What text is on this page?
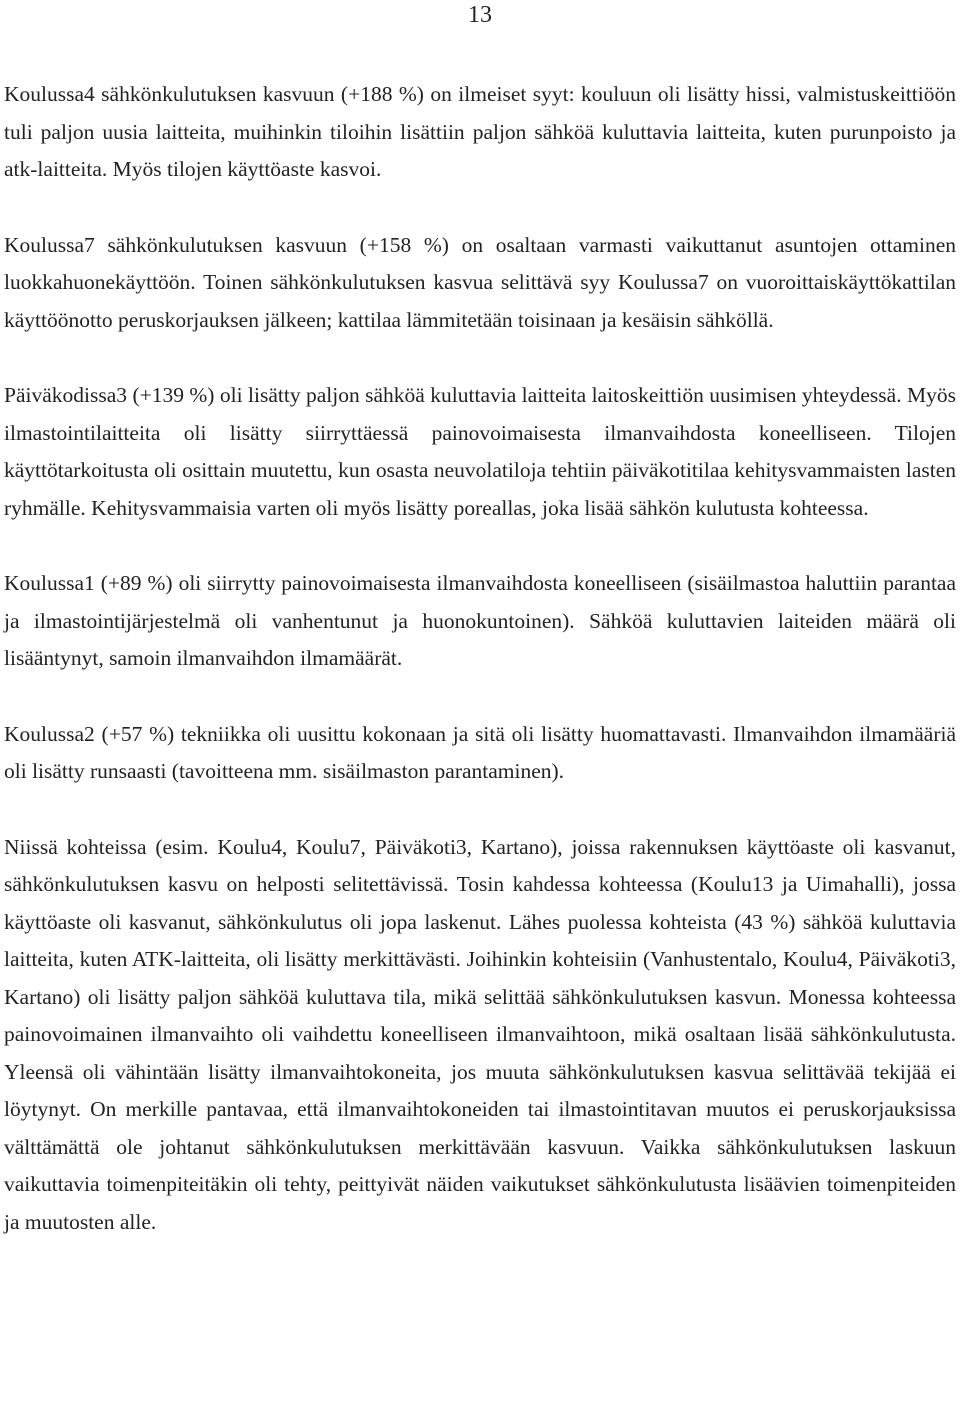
13

Koulussa4 sähkönkulutuksen kasvuun (+188 %) on ilmeiset syyt: kouluun oli lisätty hissi, valmistuskeittiöön tuli paljon uusia laitteita, muihinkin tiloihin lisättiin paljon sähköä kuluttavia laitteita, kuten purunpoisto ja atk-laitteita. Myös tilojen käyttöaste kasvoi.

Koulussa7 sähkönkulutuksen kasvuun (+158 %) on osaltaan varmasti vaikuttanut asuntojen ottaminen luokkahuonekäyttöön. Toinen sähkönkulutuksen kasvua selittävä syy Koulussa7 on vuoroittaiskäyttökattilan käyttöönotto peruskorjauksen jälkeen; kattilaa lämmitetään toisinaan ja kesäisin sähköllä.

Päiväkodissa3 (+139 %) oli lisätty paljon sähköä kuluttavia laitteita laitoskeittiön uusimisen yhteydessä. Myös ilmastointilaitteita oli lisätty siirryttäessä painovoimaisesta ilmanvaihdosta koneelliseen. Tilojen käyttötarkoitusta oli osittain muutettu, kun osasta neuvolatiloja tehtiin päiväkotitilaa kehitysvammaisten lasten ryhmälle. Kehitysvammaisia varten oli myös lisätty poreallas, joka lisää sähkön kulutusta kohteessa.

Koulussa1 (+89 %) oli siirrytty painovoimaisesta ilmanvaihdosta koneelliseen (sisäilmastoa haluttiin parantaa ja ilmastointijärjestelmä oli vanhentunut ja huonokuntoinen). Sähköä kuluttavien laiteiden määrä oli lisääntynyt, samoin ilmanvaihdon ilmamäärät.

Koulussa2 (+57 %) tekniikka oli uusittu kokonaan ja sitä oli lisätty huomattavasti. Ilmanvaihdon ilmamääriä oli lisätty runsaasti (tavoitteena mm. sisäilmaston parantaminen).

Niissä kohteissa (esim. Koulu4, Koulu7, Päiväkoti3, Kartano), joissa rakennuksen käyttöaste oli kasvanut, sähkönkulutuksen kasvu on helposti selitettävissä. Tosin kahdessa kohteessa (Koulu13 ja Uimahalli), jossa käyttöaste oli kasvanut, sähkönkulutus oli jopa laskenut. Lähes puolessa kohteista (43 %) sähköä kuluttavia laitteita, kuten ATK-laitteita, oli lisätty merkittävästi. Joihinkin kohteisiin (Vanhustentalo, Koulu4, Päiväkoti3, Kartano) oli lisätty paljon sähköä kuluttava tila, mikä selittää sähkönkulutuksen kasvun. Monessa kohteessa painovoimainen ilmanvaihto oli vaihdettu koneelliseen ilmanvaihtoon, mikä osaltaan lisää sähkönkulutusta. Yleensä oli vähintään lisätty ilmanvaihtokoneita, jos muuta sähkönkulutuksen kasvua selittävää tekijää ei löytynyt. On merkille pantavaa, että ilmanvaihtokoneiden tai ilmastointitavan muutos ei peruskorjauksissa välttämättä ole johtanut sähkönkulutuksen merkittävään kasvuun. Vaikka sähkönkulutuksen laskuun vaikuttavia toimenpiteitäkin oli tehty, peittyivät näiden vaikutukset sähkönkulutusta lisäävien toimenpiteiden ja muutosten alle.
